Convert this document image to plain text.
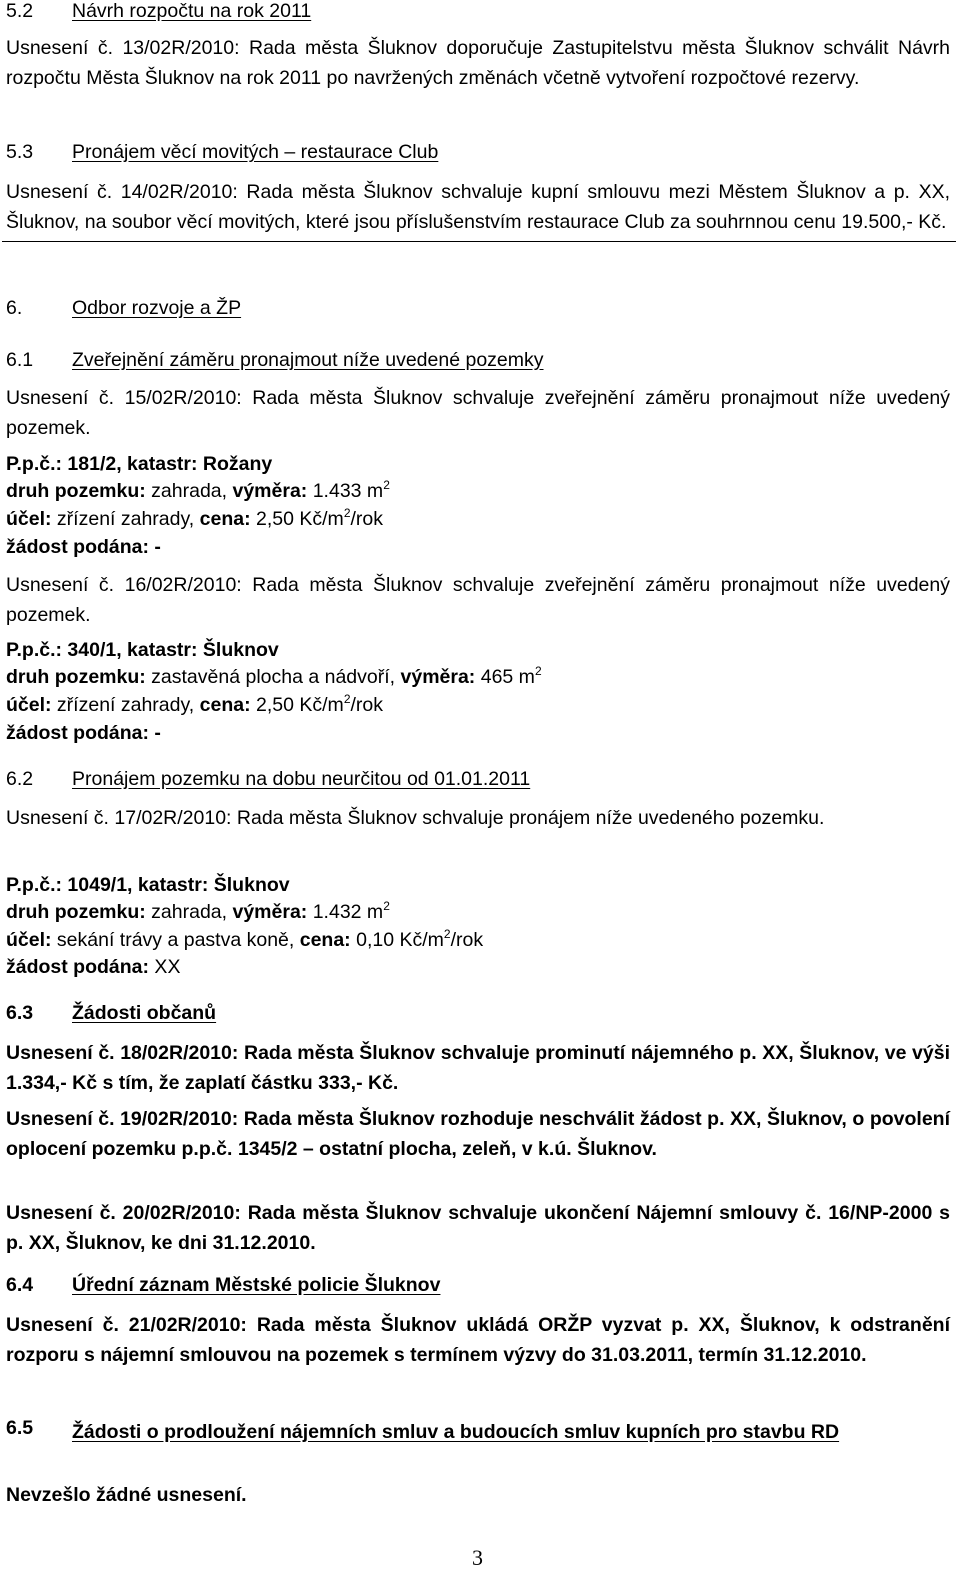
5.2 Návrh rozpočtu na rok 2011
Usnesení č. 13/02R/2010: Rada města Šluknov doporučuje Zastupitelstvu města Šluknov schválit Návrh rozpočtu Města Šluknov na rok 2011 po navržených změnách včetně vytvoření rozpočtové rezervy.
5.3 Pronájem věcí movitých – restaurace Club
Usnesení č. 14/02R/2010: Rada města Šluknov schvaluje kupní smlouvu mezi Městem Šluknov a p. XX, Šluknov, na soubor věcí movitých, které jsou příslušenstvím restaurace Club za souhrnnou cenu 19.500,- Kč.
6.	Odbor rozvoje a ŽP
6.1 Zveřejnění záměru pronajmout níže uvedené pozemky
Usnesení č. 15/02R/2010: Rada města Šluknov schvaluje zveřejnění záměru pronajmout níže uvedený pozemek.
P.p.č.: 181/2, katastr: Rožany
druh pozemku: zahrada, výměra: 1.433 $m^2$
účel: zřízení zahrady, cena: 2,50 $Kč/m^2$/rok
žádost podána: -
Usnesení č. 16/02R/2010: Rada města Šluknov schvaluje zveřejnění záměru pronajmout níže uvedený pozemek.
P.p.č.: 340/1, katastr: Šluknov
druh pozemku: zastavěná plocha a nádvoří, výměra: 465 $m^2$
účel: zřízení zahrady, cena: 2,50 $Kč/m^2$/rok
žádost podána: -
6.2 Pronájem pozemku na dobu neurčitou od 01.01.2011
Usnesení č. 17/02R/2010: Rada města Šluknov schvaluje pronájem níže uvedeného pozemku.
P.p.č.: 1049/1, katastr: Šluknov
druh pozemku: zahrada, výměra: 1.432 $m^2$
účel: sekání trávy a pastva koně, cena: 0,10 $Kč/m^2$/rok
žádost podána: XX
6.3 Žádosti občanů
Usnesení č. 18/02R/2010: Rada města Šluknov schvaluje prominutí nájemného p. XX, Šluknov, ve výši 1.334,- Kč s tím, že zaplatí částku 333,- Kč.
Usnesení č. 19/02R/2010: Rada města Šluknov rozhoduje neschválit žádost p. XX, Šluknov, o povolení oplocení pozemku p.p.č. 1345/2 – ostatní plocha, zeleň, v k.ú. Šluknov.
Usnesení č. 20/02R/2010: Rada města Šluknov schvaluje ukončení Nájemní smlouvy č. 16/NP-2000 s p. XX, Šluknov, ke dni 31.12.2010.
6.4 Úřední záznam Městské policie Šluknov
Usnesení č. 21/02R/2010: Rada města Šluknov ukládá ORŽP vyzvat p. XX, Šluknov, k odstranění rozporu s nájemní smlouvou na pozemek s termínem výzvy do 31.03.2011, termín 31.12.2010.
6.5 Žádosti o prodloužení nájemních smluv a budoucích smluv kupních pro stavbu RD
Nevzešlo žádné usnesení.
3
